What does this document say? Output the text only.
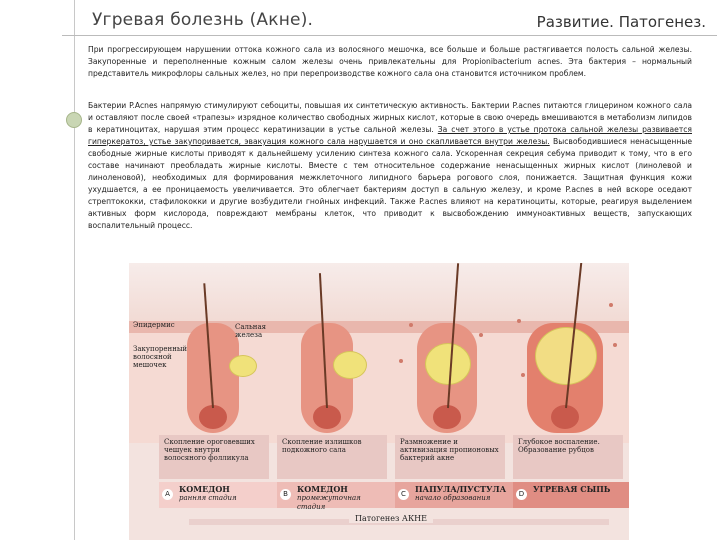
Угревая болезнь (Акне).	Развитие. Патогенез.
При прогрессирующем нарушении оттока кожного сала из волосяного мешочка, все больше и больше растягивается полость сальной железы. Закупоренные и переполненные кожным салом железы очень привлекательны для Propionibacterium acnes. Эта бактерия – нормальный представитель микрофлоры сальных желез, но при перепроизводстве кожного сала она становится источником проблем.
Бактерии P.Acnes напрямую стимулируют себоциты, повышая их синтетическую активность. Бактерии P.acnes питаются глицерином кожного сала и оставляют после своей «трапезы» изрядное количество свободных жирных кислот, которые в свою очередь вмешиваются в метаболизм липидов в кератиноцитах, нарушая этим процесс кератинизации в устье сальной железы. За счет этого в устье протока сальной железы развивается гиперкератоз, устье закупоривается, эвакуация кожного сала нарушается и оно скапливается внутри железы. Высвободившиеся ненасыщенные свободные жирные кислоты приводят к дальнейшему усилению синтеза кожного сала. Ускоренная секреция себума приводит к тому, что в его составе начинают преобладать жирные кислоты. Вместе с тем относительное содержание ненасыщенных жирных кислот (линолевой и линоленовой), необходимых для формирования межклеточного липидного барьера рогового слоя, понижается. Защитная функция кожи ухудшается, а ее проницаемость увеличивается. Это облегчает бактериям доступ в сальную железу, и кроме P.acnes в ней вскоре оседают стрептококки, стафилококки и другие возбудители гнойных инфекций. Также P.acnes влияют на кератиноциты, которые, реагируя выделением активных форм кислорода, повреждают мембраны клеток, что приводит к высвобождению иммуноактивных веществ, запускающих воспалительный процесс.
Эпидермис	Сальная железа
Закупоренный волосяной мешочек
Скопление ороговевших чешуек внутри волосяного фолликула
Скопление излишков подкожного сала
Размножение и активизация пропионовых бактерий акне
Глубокое воспаление. Образование рубцов
A	КОМЕДОН
ранняя стадия	B	КОМЕДОН
промежуточная стадия
C	ПАПУЛА/ПУСТУЛА
начало образования	D	УГРЕВАЯ СЫПЬ
Патогенез АКНЕ
